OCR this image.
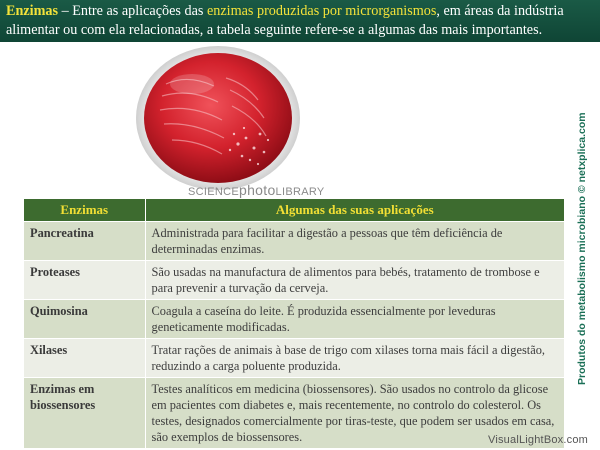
Enzimas – Entre as aplicações das enzimas produzidas por microrganismos, em áreas da indústria alimentar ou com ela relacionadas, a tabela seguinte refere-se a algumas das mais importantes.
SCIENCEphotoLIBRARY	Produtos do metabolismo microbiano © netxplica.com
Enzimas	Algumas das suas aplicações
Pancreatina	Administrada para facilitar a digestão a pessoas que têm deficiência de determinadas enzimas.
Proteases	São usadas na manufactura de alimentos para bebés, tratamento de trombose e para prevenir a turvação da cerveja.
Quimosina	Coagula a caseína do leite. É produzida essencialmente por leveduras geneticamente modificadas.
Xilases	Tratar rações de animais à base de trigo com xilases torna mais fácil a digestão, reduzindo a carga poluente produzida.
Enzimas em biossensores	Testes analíticos em medicina (biossensores). São usados no controlo da glicose em pacientes com diabetes e, mais recentemente, no controlo do colesterol. Os testes, designados comercialmente por tiras-teste, que podem ser usados em casa, são exemplos de biossensores.	VisualLightBox.com
